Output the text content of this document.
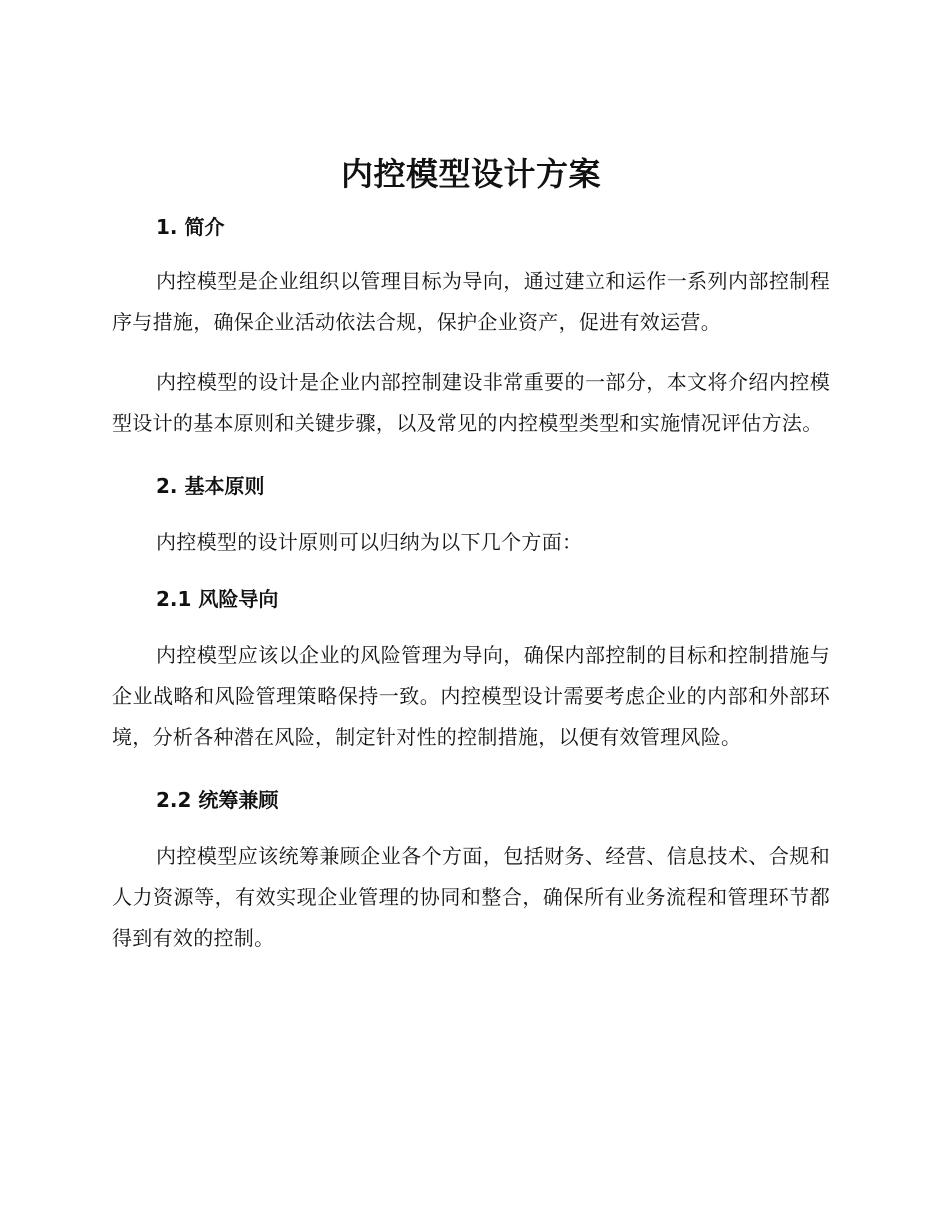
内控模型设计方案
1. 简介

内控模型是企业组织以管理目标为导向，通过建立和运作一系列内部控制程序与措施，确保企业活动依法合规，保护企业资产，促进有效运营。

内控模型的设计是企业内部控制建设非常重要的一部分，本文将介绍内控模型设计的基本原则和关键步骤，以及常见的内控模型类型和实施情况评估方法。

2. 基本原则

内控模型的设计原则可以归纳为以下几个方面：

2.1 风险导向

内控模型应该以企业的风险管理为导向，确保内部控制的目标和控制措施与企业战略和风险管理策略保持一致。内控模型设计需要考虑企业的内部和外部环境，分析各种潜在风险，制定针对性的控制措施，以便有效管理风险。

2.2 统筹兼顾

内控模型应该统筹兼顾企业各个方面，包括财务、经营、信息技术、合规和人力资源等，有效实现企业管理的协同和整合，确保所有业务流程和管理环节都得到有效的控制。
